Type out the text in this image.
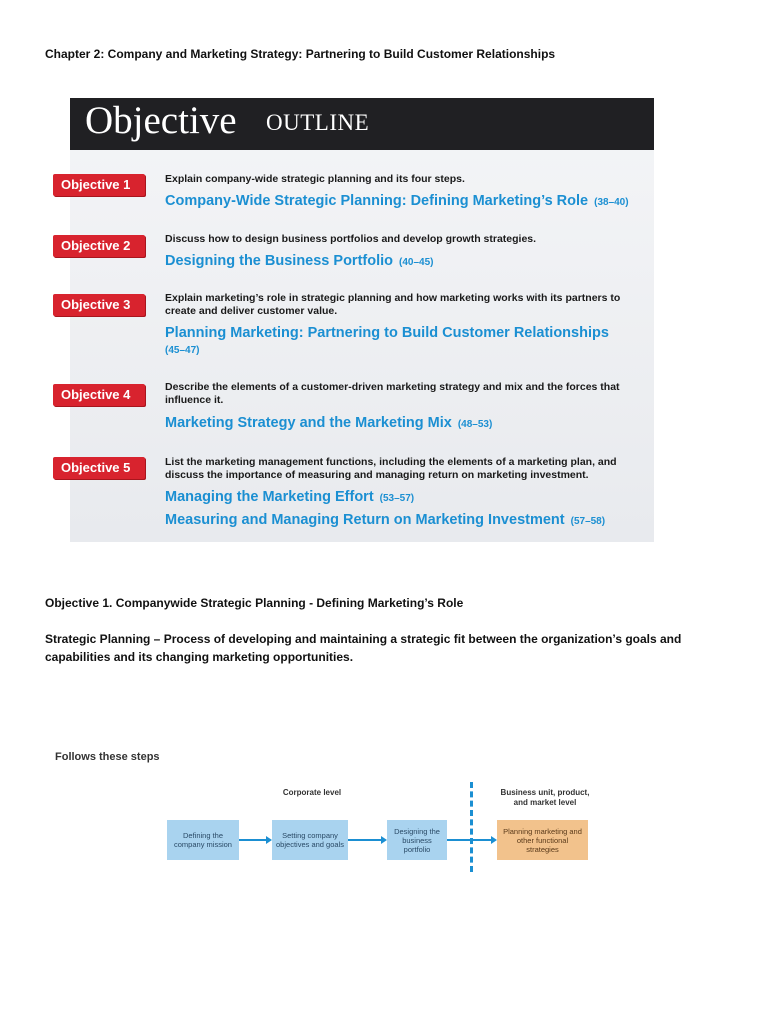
Chapter 2: Company and Marketing Strategy: Partnering to Build Customer Relationships
Objective OUTLINE
Objective 1	Explain company-wide strategic planning and its four steps.
Company-Wide Strategic Planning: Defining Marketing’s Role (38–40)
Objective 2	Discuss how to design business portfolios and develop growth strategies.
Designing the Business Portfolio (40–45)
Objective 3	Explain marketing’s role in strategic planning and how marketing works with its partners to create and deliver customer value.
Planning Marketing: Partnering to Build Customer Relationships
(45–47)
Objective 4	Describe the elements of a customer-driven marketing strategy and mix and the forces that influence it.
Marketing Strategy and the Marketing Mix (48–53)
Objective 5	List the marketing management functions, including the elements of a marketing plan, and discuss the importance of measuring and managing return on marketing investment.
Managing the Marketing Effort (53–57)
Measuring and Managing Return on Marketing Investment (57–58)
Objective 1. Companywide Strategic Planning - Defining Marketing’s Role
Strategic Planning – Process of developing and maintaining a strategic fit between the organization’s goals and capabilities and its changing marketing opportunities.
Follows these steps
Corporate level	Business unit, product, and market level
Defining the company mission
Setting company objectives and goals
Designing the business portfolio
Planning marketing and other functional strategies
